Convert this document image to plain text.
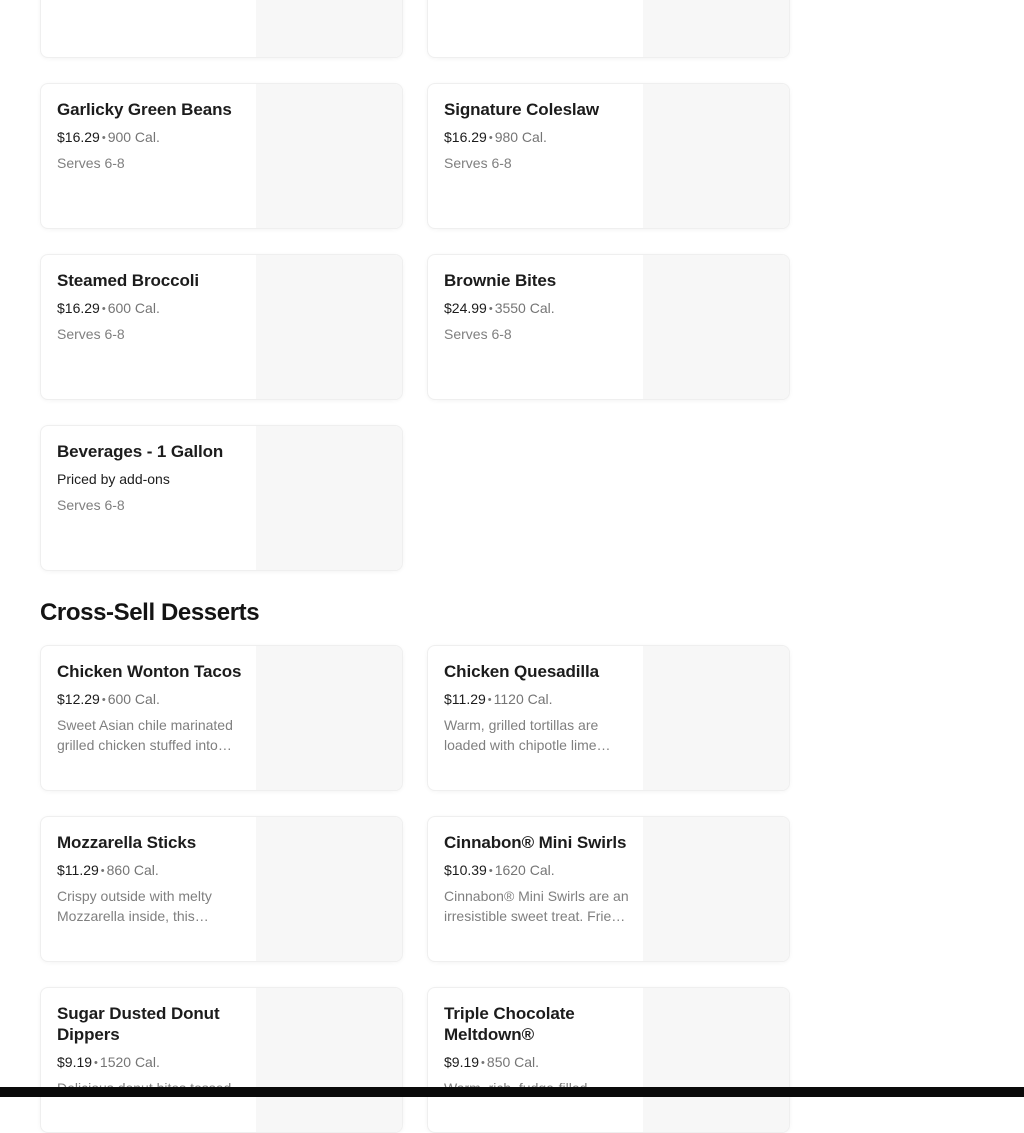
Garlicky Green Beans
$16.29 • 900 Cal.
Serves 6-8
Signature Coleslaw
$16.29 • 980 Cal.
Serves 6-8
Steamed Broccoli
$16.29 • 600 Cal.
Serves 6-8
Brownie Bites
$24.99 • 3550 Cal.
Serves 6-8
Beverages - 1 Gallon
Priced by add-ons
Serves 6-8
Cross-Sell Desserts
Chicken Wonton Tacos
$12.29 • 600 Cal.
Sweet Asian chile marinated grilled chicken stuffed into…
Chicken Quesadilla
$11.29 • 1120 Cal.
Warm, grilled tortillas are loaded with chipotle lime…
Mozzarella Sticks
$11.29 • 860 Cal.
Crispy outside with melty Mozzarella inside, this…
Cinnabon® Mini Swirls
$10.39 • 1620 Cal.
Cinnabon® Mini Swirls are an irresistible sweet treat. Frie…
Sugar Dusted Donut Dippers
$9.19 • 1520 Cal.
Triple Chocolate Meltdown®
$9.19 • 850 Cal.
